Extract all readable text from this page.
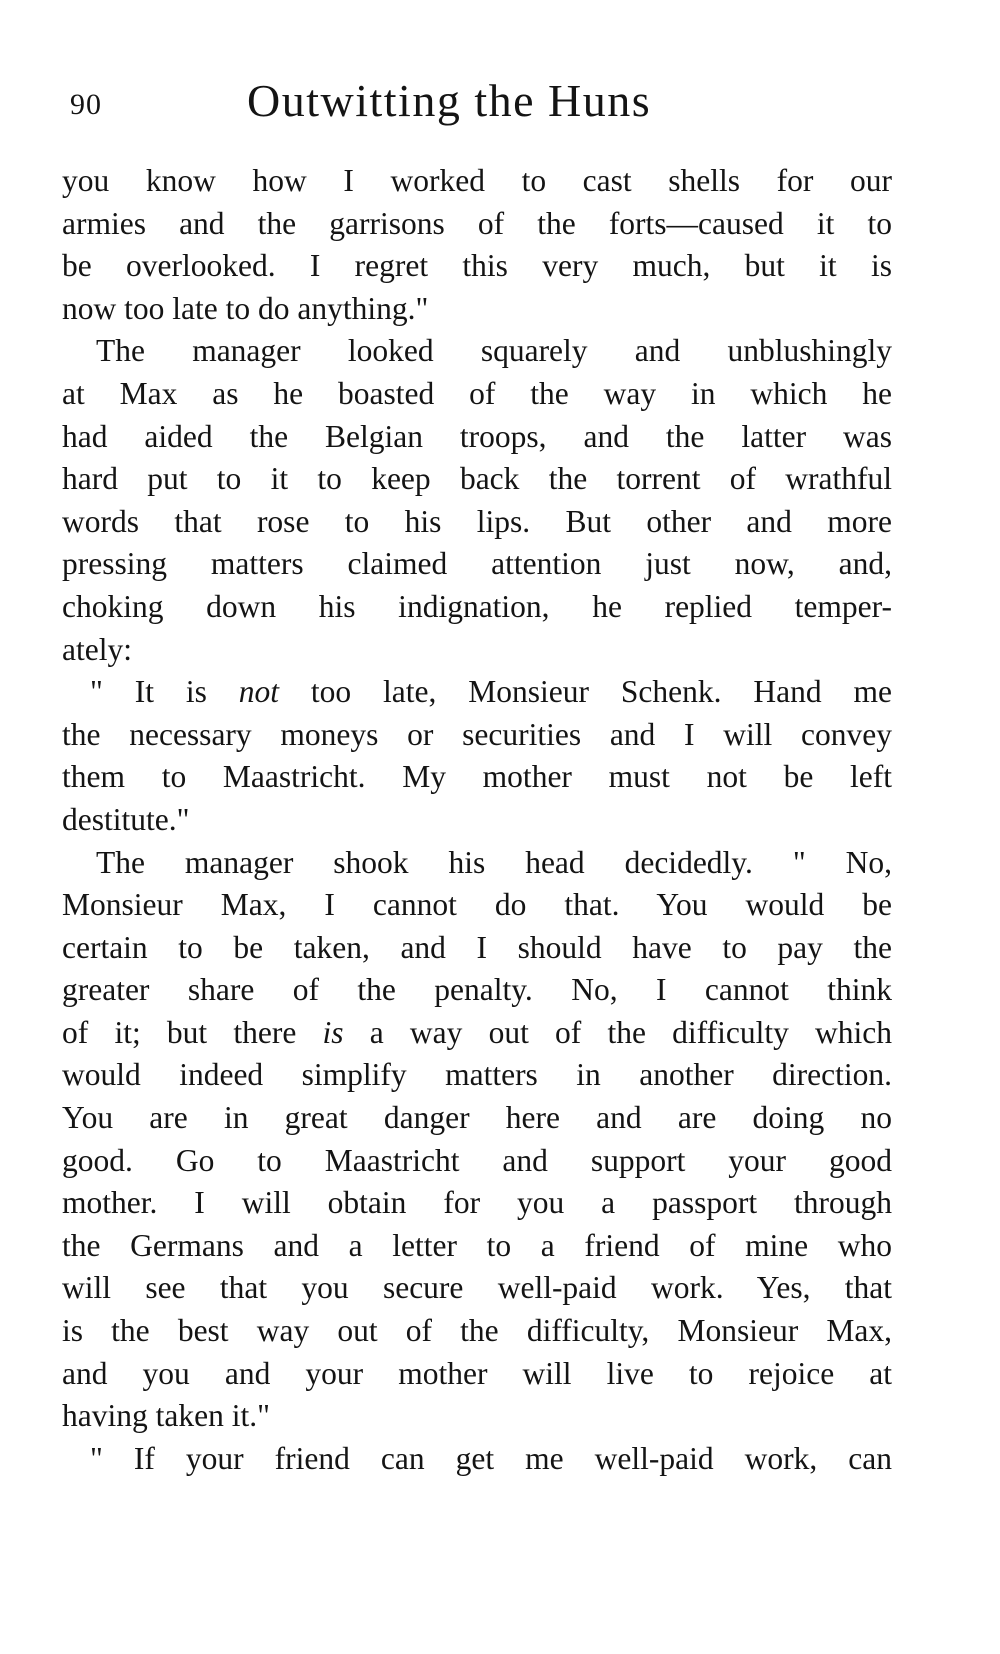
90	Outwitting the Huns
you know how I worked to cast shells for our
armies and the garrisons of the forts—caused it to
be overlooked. I regret this very much, but it is
now too late to do anything."
The manager looked squarely and unblushingly
at Max as he boasted of the way in which he
had aided the Belgian troops, and the latter was
hard put to it to keep back the torrent of wrathful
words that rose to his lips. But other and more
pressing matters claimed attention just now, and,
choking down his indignation, he replied temper-
ately:
" It is not too late, Monsieur Schenk. Hand me
the necessary moneys or securities and I will convey
them to Maastricht. My mother must not be left
destitute."
The manager shook his head decidedly. " No,
Monsieur Max, I cannot do that. You would be
certain to be taken, and I should have to pay the
greater share of the penalty. No, I cannot think
of it; but there is a way out of the difficulty which
would indeed simplify matters in another direction.
You are in great danger here and are doing no
good. Go to Maastricht and support your good
mother. I will obtain for you a passport through
the Germans and a letter to a friend of mine who
will see that you secure well-paid work. Yes, that
is the best way out of the difficulty, Monsieur Max,
and you and your mother will live to rejoice at
having taken it."
" If your friend can get me well-paid work, can
